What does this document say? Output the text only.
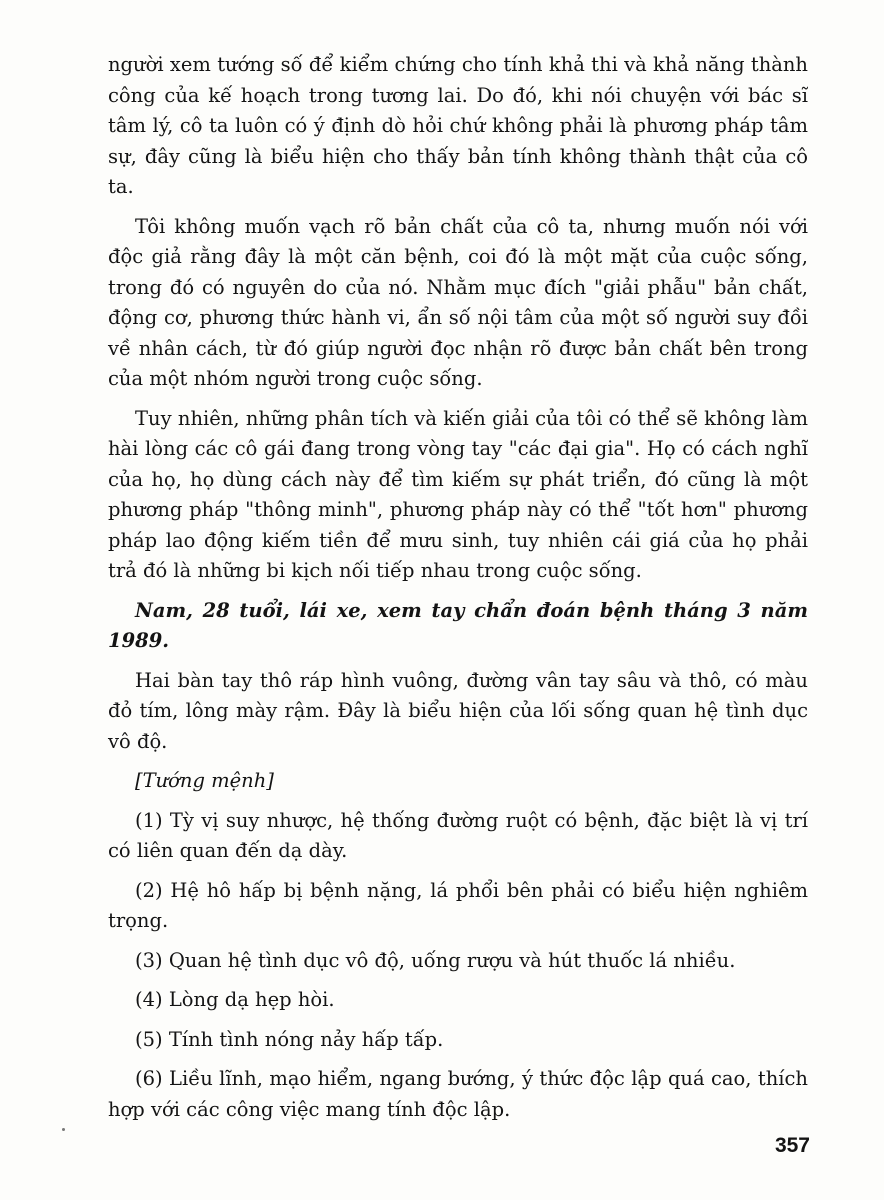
người xem tướng số để kiểm chứng cho tính khả thi và khả năng thành công của kế hoạch trong tương lai. Do đó, khi nói chuyện với bác sĩ tâm lý, cô ta luôn có ý định dò hỏi chứ không phải là phương pháp tâm sự, đây cũng là biểu hiện cho thấy bản tính không thành thật của cô ta.

Tôi không muốn vạch rõ bản chất của cô ta, nhưng muốn nói với độc giả rằng đây là một căn bệnh, coi đó là một mặt của cuộc sống, trong đó có nguyên do của nó. Nhằm mục đích "giải phẫu" bản chất, động cơ, phương thức hành vi, ẩn số nội tâm của một số người suy đồi về nhân cách, từ đó giúp người đọc nhận rõ được bản chất bên trong của một nhóm người trong cuộc sống.

Tuy nhiên, những phân tích và kiến giải của tôi có thể sẽ không làm hài lòng các cô gái đang trong vòng tay "các đại gia". Họ có cách nghĩ của họ, họ dùng cách này để tìm kiếm sự phát triển, đó cũng là một phương pháp "thông minh", phương pháp này có thể "tốt hơn" phương pháp lao động kiếm tiền để mưu sinh, tuy nhiên cái giá của họ phải trả đó là những bi kịch nối tiếp nhau trong cuộc sống.

Nam, 28 tuổi, lái xe, xem tay chẩn đoán bệnh tháng 3 năm 1989.

Hai bàn tay thô ráp hình vuông, đường vân tay sâu và thô, có màu đỏ tím, lông mày rậm. Đây là biểu hiện của lối sống quan hệ tình dục vô độ.

[Tướng mệnh]

(1) Tỳ vị suy nhược, hệ thống đường ruột có bệnh, đặc biệt là vị trí có liên quan đến dạ dày.

(2) Hệ hô hấp bị bệnh nặng, lá phổi bên phải có biểu hiện nghiêm trọng.

(3) Quan hệ tình dục vô độ, uống rượu và hút thuốc lá nhiều.

(4) Lòng dạ hẹp hòi.

(5) Tính tình nóng nảy hấp tấp.

(6) Liều lĩnh, mạo hiểm, ngang bướng, ý thức độc lập quá cao, thích hợp với các công việc mang tính độc lập.

357
